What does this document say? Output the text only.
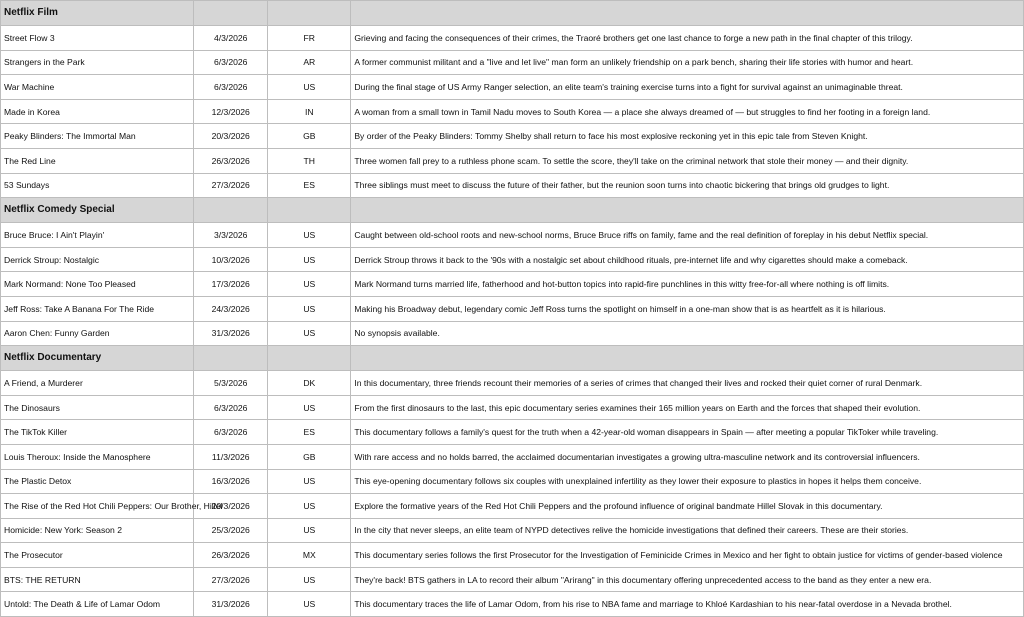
Netflix Film			
Street Flow 3	4/3/2026	FR	Grieving and facing the consequences of their crimes, the Traoré brothers get one last chance to forge a new path in the final chapter of this trilogy.
Strangers in the Park	6/3/2026	AR	A former communist militant and a "live and let live" man form an unlikely friendship on a park bench, sharing their life stories with humor and heart.
War Machine	6/3/2026	US	During the final stage of US Army Ranger selection, an elite team's training exercise turns into a fight for survival against an unimaginable threat.
Made in Korea	12/3/2026	IN	A woman from a small town in Tamil Nadu moves to South Korea — a place she always dreamed of — but struggles to find her footing in a foreign land.
Peaky Blinders: The Immortal Man	20/3/2026	GB	By order of the Peaky Blinders: Tommy Shelby shall return to face his most explosive reckoning yet in this epic tale from Steven Knight.
The Red Line	26/3/2026	TH	Three women fall prey to a ruthless phone scam. To settle the score, they'll take on the criminal network that stole their money — and their dignity.
53 Sundays	27/3/2026	ES	Three siblings must meet to discuss the future of their father, but the reunion soon turns into chaotic bickering that brings old grudges to light.
Netflix Comedy Special			
Bruce Bruce: I Ain't Playin'	3/3/2026	US	Caught between old-school roots and new-school norms, Bruce Bruce riffs on family, fame and the real definition of foreplay in his debut Netflix special.
Derrick Stroup: Nostalgic	10/3/2026	US	Derrick Stroup throws it back to the '90s with a nostalgic set about childhood rituals, pre-internet life and why cigarettes should make a comeback.
Mark Normand: None Too Pleased	17/3/2026	US	Mark Normand turns married life, fatherhood and hot-button topics into rapid-fire punchlines in this witty free-for-all where nothing is off limits.
Jeff Ross: Take A Banana For The Ride	24/3/2026	US	Making his Broadway debut, legendary comic Jeff Ross turns the spotlight on himself in a one-man show that is as heartfelt as it is hilarious.
Aaron Chen: Funny Garden	31/3/2026	US	No synopsis available.
Netflix Documentary			
A Friend, a Murderer	5/3/2026	DK	In this documentary, three friends recount their memories of a series of crimes that changed their lives and rocked their quiet corner of rural Denmark.
The Dinosaurs	6/3/2026	US	From the first dinosaurs to the last, this epic documentary series examines their 165 million years on Earth and the forces that shaped their evolution.
The TikTok Killer	6/3/2026	ES	This documentary follows a family's quest for the truth when a 42-year-old woman disappears in Spain — after meeting a popular TikToker while traveling.
Louis Theroux: Inside the Manosphere	11/3/2026	GB	With rare access and no holds barred, the acclaimed documentarian investigates a growing ultra-masculine network and its controversial influencers.
The Plastic Detox	16/3/2026	US	This eye-opening documentary follows six couples with unexplained infertility as they lower their exposure to plastics in hopes it helps them conceive.
The Rise of the Red Hot Chili Peppers: Our Brother, Hillel	20/3/2026	US	Explore the formative years of the Red Hot Chili Peppers and the profound influence of original bandmate Hillel Slovak in this documentary.
Homicide: New York: Season 2	25/3/2026	US	In the city that never sleeps, an elite team of NYPD detectives relive the homicide investigations that defined their careers. These are their stories.
The Prosecutor	26/3/2026	MX	This documentary series follows the first Prosecutor for the Investigation of Feminicide Crimes in Mexico and her fight to obtain justice for victims of gender-based violence
BTS: THE RETURN	27/3/2026	US	They're back! BTS gathers in LA to record their album "Arirang" in this documentary offering unprecedented access to the band as they enter a new era.
Untold: The Death & Life of Lamar Odom	31/3/2026	US	This documentary traces the life of Lamar Odom, from his rise to NBA fame and marriage to Khloé Kardashian to his near-fatal overdose in a Nevada brothel.
